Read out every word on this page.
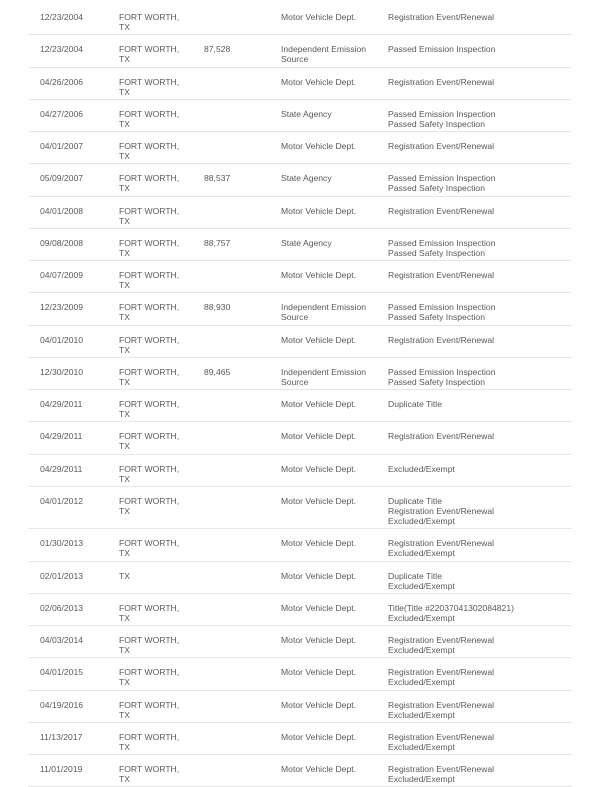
12/23/2004	FORT WORTH,
TX		Motor Vehicle Dept.	Registration Event/Renewal

12/23/2004	FORT WORTH,
TX	87,528	Independent Emission
Source	Passed Emission Inspection

04/26/2006	FORT WORTH,
TX		Motor Vehicle Dept.	Registration Event/Renewal

04/27/2006	FORT WORTH,
TX		State Agency	Passed Emission Inspection
Passed Safety Inspection

04/01/2007	FORT WORTH,
TX		Motor Vehicle Dept.	Registration Event/Renewal

05/09/2007	FORT WORTH,
TX	88,537	State Agency	Passed Emission Inspection
Passed Safety Inspection

04/01/2008	FORT WORTH,
TX		Motor Vehicle Dept.	Registration Event/Renewal

09/08/2008	FORT WORTH,
TX	88,757	State Agency	Passed Emission Inspection
Passed Safety Inspection

04/07/2009	FORT WORTH,
TX		Motor Vehicle Dept.	Registration Event/Renewal

12/23/2009	FORT WORTH,
TX	88,930	Independent Emission
Source	Passed Emission Inspection
Passed Safety Inspection

04/01/2010	FORT WORTH,
TX		Motor Vehicle Dept.	Registration Event/Renewal

12/30/2010	FORT WORTH,
TX	89,465	Independent Emission
Source	Passed Emission Inspection
Passed Safety Inspection

04/29/2011	FORT WORTH,
TX		Motor Vehicle Dept.	Duplicate Title

04/29/2011	FORT WORTH,
TX		Motor Vehicle Dept.	Registration Event/Renewal

04/29/2011	FORT WORTH,
TX		Motor Vehicle Dept.	Excluded/Exempt

04/01/2012	FORT WORTH,
TX		Motor Vehicle Dept.	Duplicate Title
Registration Event/Renewal
Excluded/Exempt

01/30/2013	FORT WORTH,
TX		Motor Vehicle Dept.	Registration Event/Renewal
Excluded/Exempt

02/01/2013	TX		Motor Vehicle Dept.	Duplicate Title
Excluded/Exempt

02/06/2013	FORT WORTH,
TX		Motor Vehicle Dept.	Title(Title #22037041302084821)
Excluded/Exempt

04/03/2014	FORT WORTH,
TX		Motor Vehicle Dept.	Registration Event/Renewal
Excluded/Exempt

04/01/2015	FORT WORTH,
TX		Motor Vehicle Dept.	Registration Event/Renewal
Excluded/Exempt

04/19/2016	FORT WORTH,
TX		Motor Vehicle Dept.	Registration Event/Renewal
Excluded/Exempt

11/13/2017	FORT WORTH,
TX		Motor Vehicle Dept.	Registration Event/Renewal
Excluded/Exempt

11/01/2019	FORT WORTH,
TX		Motor Vehicle Dept.	Registration Event/Renewal
Excluded/Exempt
